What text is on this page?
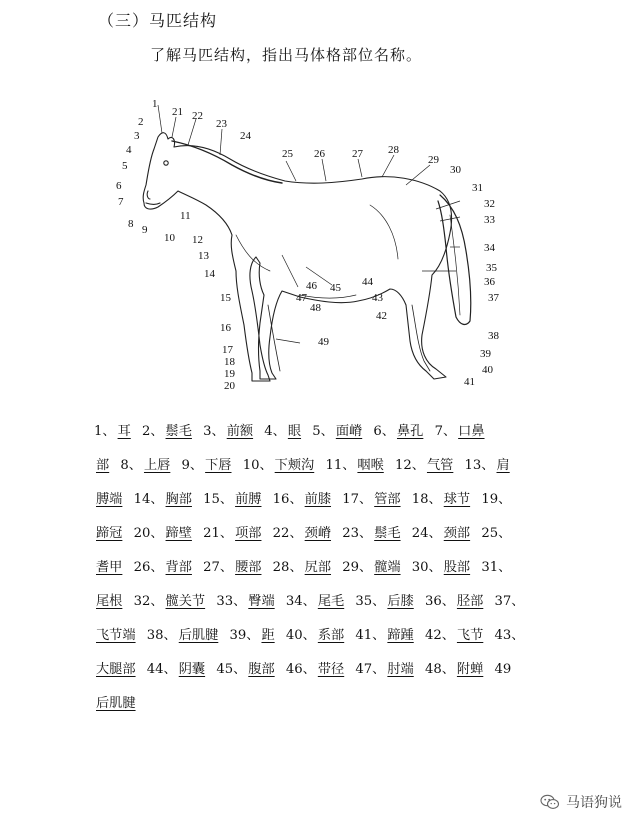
（三）马匹结构
了解马匹结构，指出马体格部位名称。
1
2
3
4
5
6
7
8 9
10
11
12
13
14
15
16
17
18
19
20
21 22
23
24
25 26 27 28
29
30
31
32
33
34
35
36
37
38
39
40
41
42
43
44
45
46
47
48
49
1、 耳 2、 鬃毛 3、 前额 4、 眼 5、 面嵴 6、 鼻孔 7、 口鼻
部 8、 上唇 9、 下唇 10、 下颊沟 11、 咽喉 12、 气管 13、 肩
膊端 14、 胸部 15、 前膊 16、 前膝 17、 管部 18、 球节 19、
蹄冠 20、 蹄壁 21、 项部 22、 颈嵴 23、 鬃毛 24、 颈部 25、
耆甲 26、 背部 27、 腰部 28、 尻部 29、 髋端 30、 股部 31、
尾根 32、 髋关节 33、 臀端 34、 尾毛 35、 后膝 36、 胫部 37、
飞节端 38、 后肌腱 39、 距 40、 系部 41、 蹄踵 42、 飞节 43、
大腿部 44、 阴囊 45、 腹部 46、 带径 47、 肘端 48、 附蝉 49
后肌腱
马语狗说
